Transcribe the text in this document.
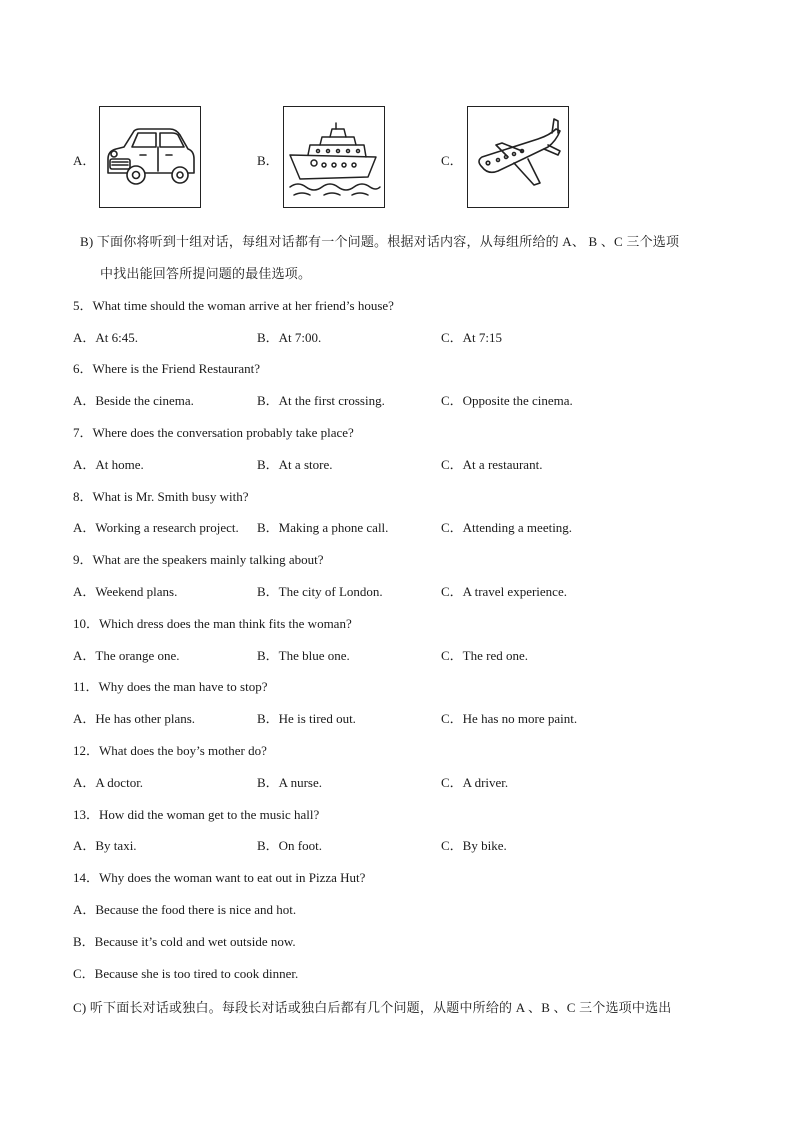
A．	B．	C．
B) 下面你将听到十组对话，每组对话都有一个问题。根据对话内容，从每组所给的 A、 B 、C 三个选项
中找出能回答所提问题的最佳选项。
5．What time should the woman arrive at her friend’s house?
A．At 6:45.	B．At 7:00.	C．At 7:15
6．Where is the Friend Restaurant?
A．Beside the cinema.	B．At the first crossing.	C．Opposite the cinema.
7．Where does the conversation probably take place?
A．At home.	B．At a store.	C．At a restaurant.
8．What is Mr. Smith busy with?
A．Working a research project. B．Making a phone call.	C．Attending a meeting.
9．What are the speakers mainly talking about?
A．Weekend plans.	B．The city of London.	C．A travel experience.
10．Which dress does the man think fits the woman?
A．The orange one.	B．The blue one.	C．The red one.
11．Why does the man have to stop?
A．He has other plans.	B．He is tired out.	C．He has no more paint.
12．What does the boy’s mother do?
A．A doctor.	B．A nurse.	C．A driver.
13．How did the woman get to the music hall?
A．By taxi.	B．On foot.	C．By bike.
14．Why does the woman want to eat out in Pizza Hut?
A．Because the food there is nice and hot.
B．Because it’s cold and wet outside now.
C．Because she is too tired to cook dinner.
C) 听下面长对话或独白。每段长对话或独白后都有几个问题，从题中所给的 A 、B 、C 三个选项中选出
